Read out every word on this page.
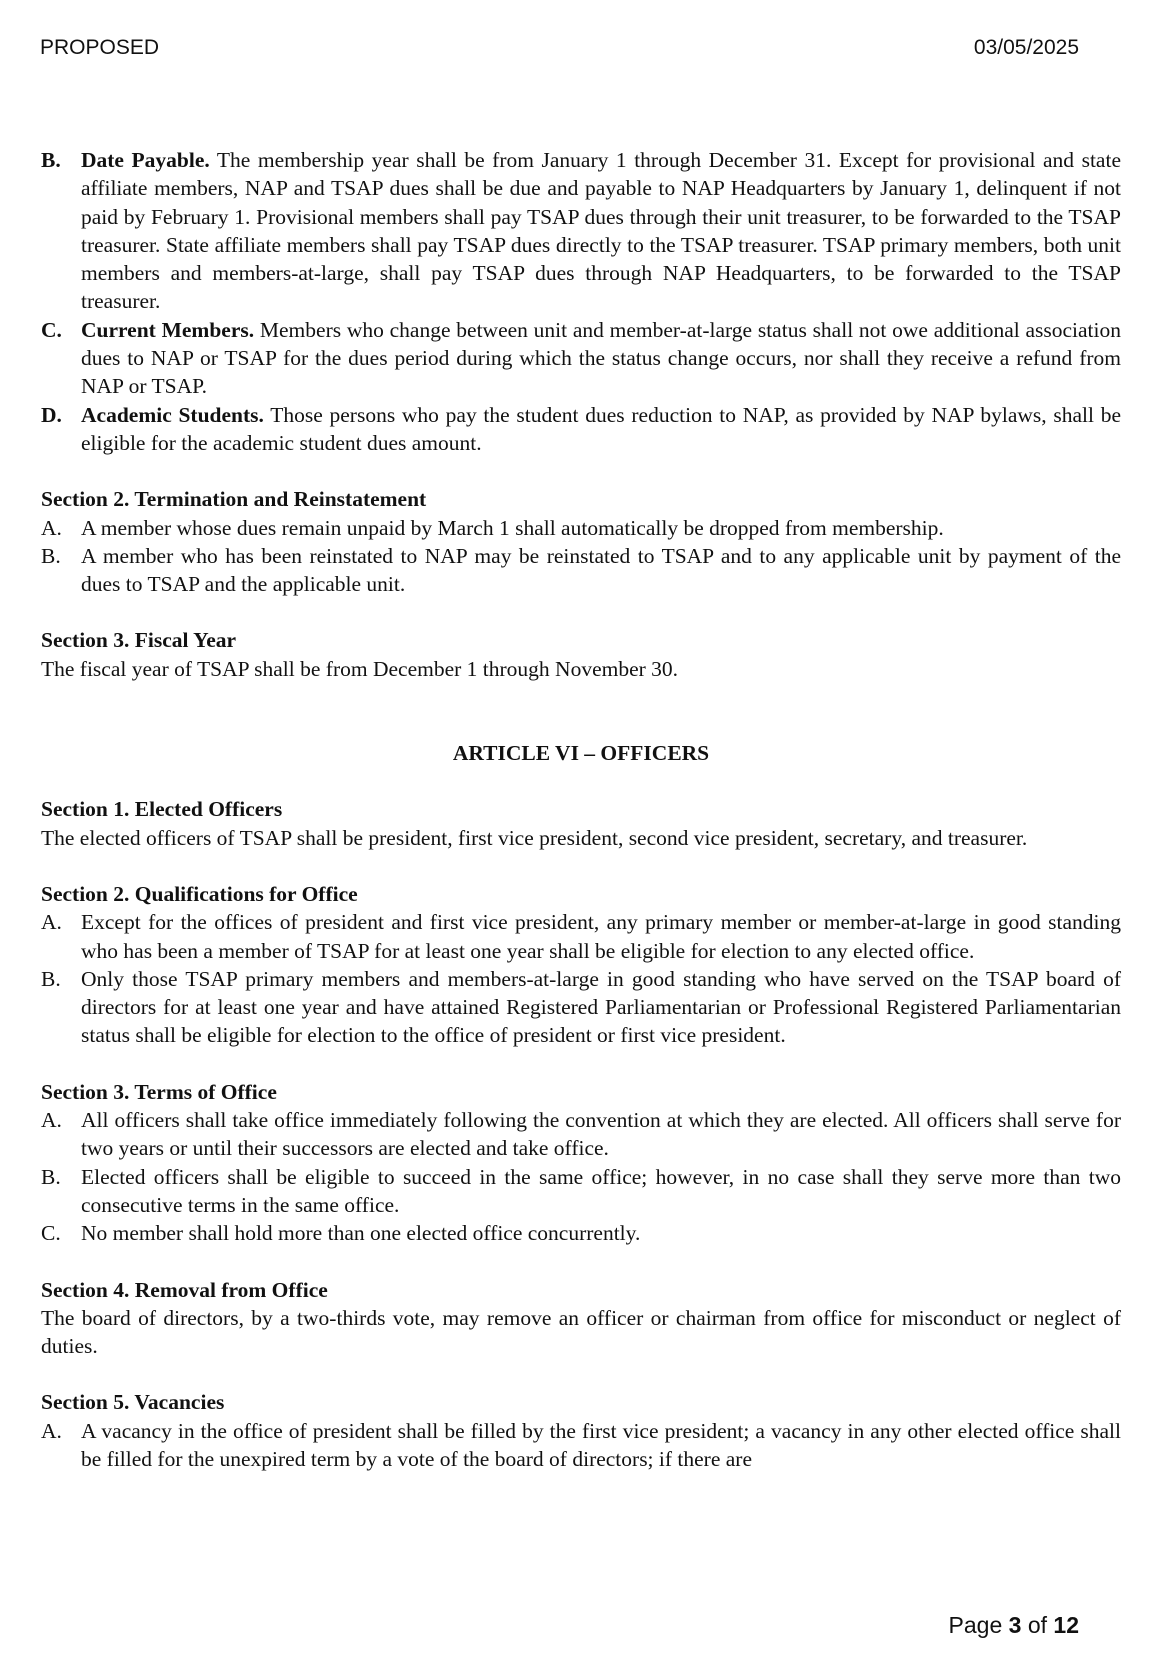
PROPOSED	03/05/2025
B. Date Payable. The membership year shall be from January 1 through December 31. Except for provisional and state affiliate members, NAP and TSAP dues shall be due and payable to NAP Headquarters by January 1, delinquent if not paid by February 1. Provisional members shall pay TSAP dues through their unit treasurer, to be forwarded to the TSAP treasurer. State affiliate members shall pay TSAP dues directly to the TSAP treasurer. TSAP primary members, both unit members and members-at-large, shall pay TSAP dues through NAP Headquarters, to be forwarded to the TSAP treasurer.
C. Current Members. Members who change between unit and member-at-large status shall not owe additional association dues to NAP or TSAP for the dues period during which the status change occurs, nor shall they receive a refund from NAP or TSAP.
D. Academic Students. Those persons who pay the student dues reduction to NAP, as provided by NAP bylaws, shall be eligible for the academic student dues amount.
Section 2. Termination and Reinstatement
A. A member whose dues remain unpaid by March 1 shall automatically be dropped from membership.
B. A member who has been reinstated to NAP may be reinstated to TSAP and to any applicable unit by payment of the dues to TSAP and the applicable unit.
Section 3. Fiscal Year
The fiscal year of TSAP shall be from December 1 through November 30.
ARTICLE VI – OFFICERS
Section 1. Elected Officers
The elected officers of TSAP shall be president, first vice president, second vice president, secretary, and treasurer.
Section 2. Qualifications for Office
A. Except for the offices of president and first vice president, any primary member or member-at-large in good standing who has been a member of TSAP for at least one year shall be eligible for election to any elected office.
B. Only those TSAP primary members and members-at-large in good standing who have served on the TSAP board of directors for at least one year and have attained Registered Parliamentarian or Professional Registered Parliamentarian status shall be eligible for election to the office of president or first vice president.
Section 3. Terms of Office
A. All officers shall take office immediately following the convention at which they are elected. All officers shall serve for two years or until their successors are elected and take office.
B. Elected officers shall be eligible to succeed in the same office; however, in no case shall they serve more than two consecutive terms in the same office.
C. No member shall hold more than one elected office concurrently.
Section 4. Removal from Office
The board of directors, by a two-thirds vote, may remove an officer or chairman from office for misconduct or neglect of duties.
Section 5. Vacancies
A. A vacancy in the office of president shall be filled by the first vice president; a vacancy in any other elected office shall be filled for the unexpired term by a vote of the board of directors; if there are
Page 3 of 12
